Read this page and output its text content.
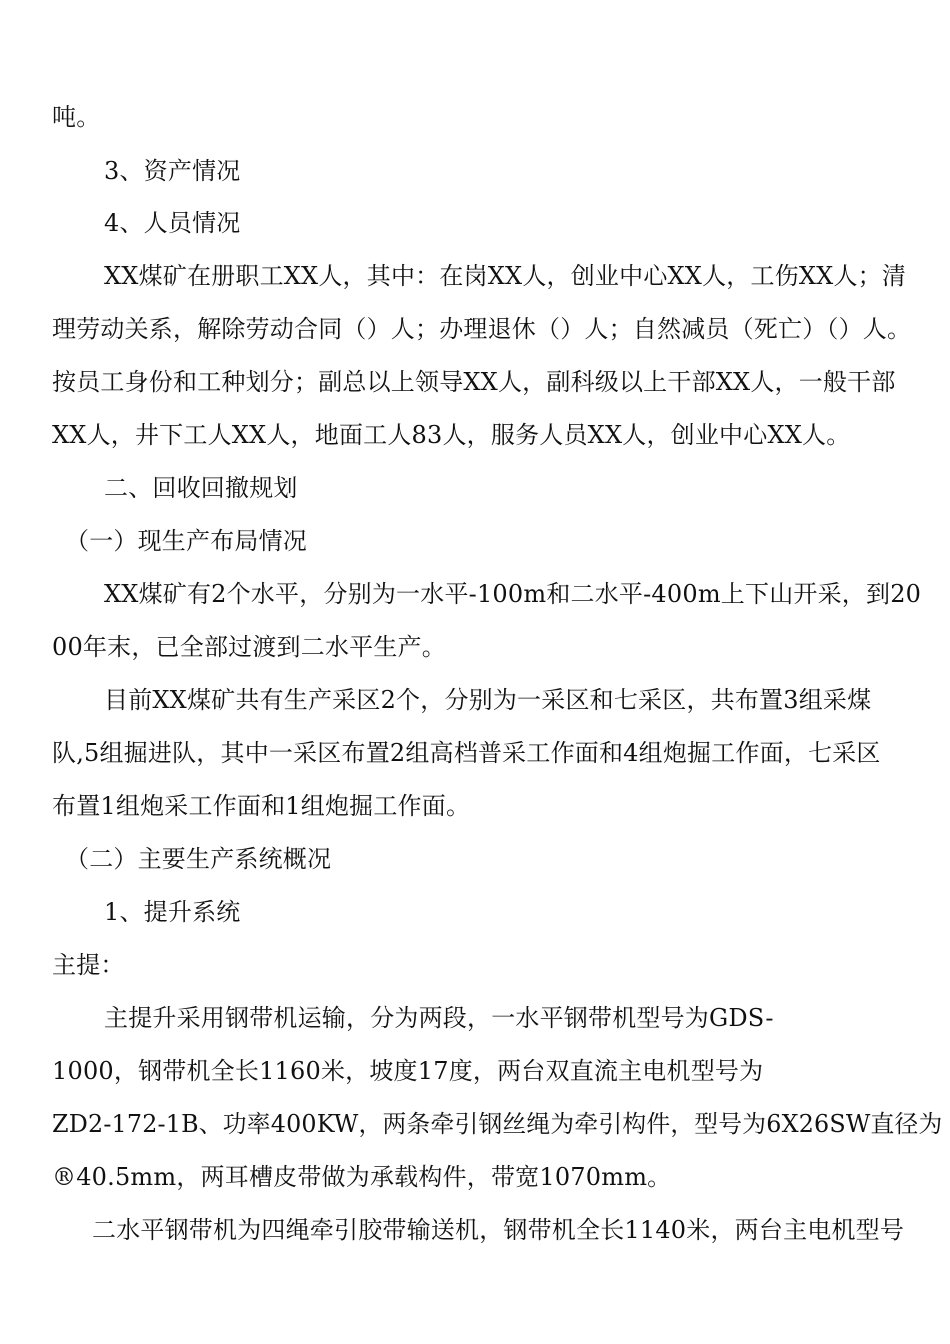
吨。
3、资产情况
4、人员情况
XX煤矿在册职工XX人，其中：在岗XX人，创业中心XX人，工伤XX人；清
理劳动关系，解除劳动合同（）人；办理退休（）人；自然减员（死亡）（）人。
按员工身份和工种划分；副总以上领导XX人，副科级以上干部XX人，一般干部
XX人，井下工人XX人，地面工人83人，服务人员XX人，创业中心XX人。
二、回收回撤规划
（一）现生产布局情况
XX煤矿有2个水平，分别为一水平-100m和二水平-400m上下山开采，到20
00年末，已全部过渡到二水平生产。
目前XX煤矿共有生产采区2个，分别为一采区和七采区，共布置3组采煤
队,5组掘进队，其中一采区布置2组高档普采工作面和4组炮掘工作面，七采区
布置1组炮采工作面和1组炮掘工作面。
（二）主要生产系统概况
1、提升系统
主提：
主提升采用钢带机运输，分为两段，一水平钢带机型号为GDS-
1000，钢带机全长1160米，坡度17度，两台双直流主电机型号为
ZD2-172-1B、功率400KW，两条牵引钢丝绳为牵引构件，型号为6X26SW直径为
®40.5mm，两耳槽皮带做为承载构件，带宽1070mm。
二水平钢带机为四绳牵引胶带输送机，钢带机全长1140米，两台主电机型号
